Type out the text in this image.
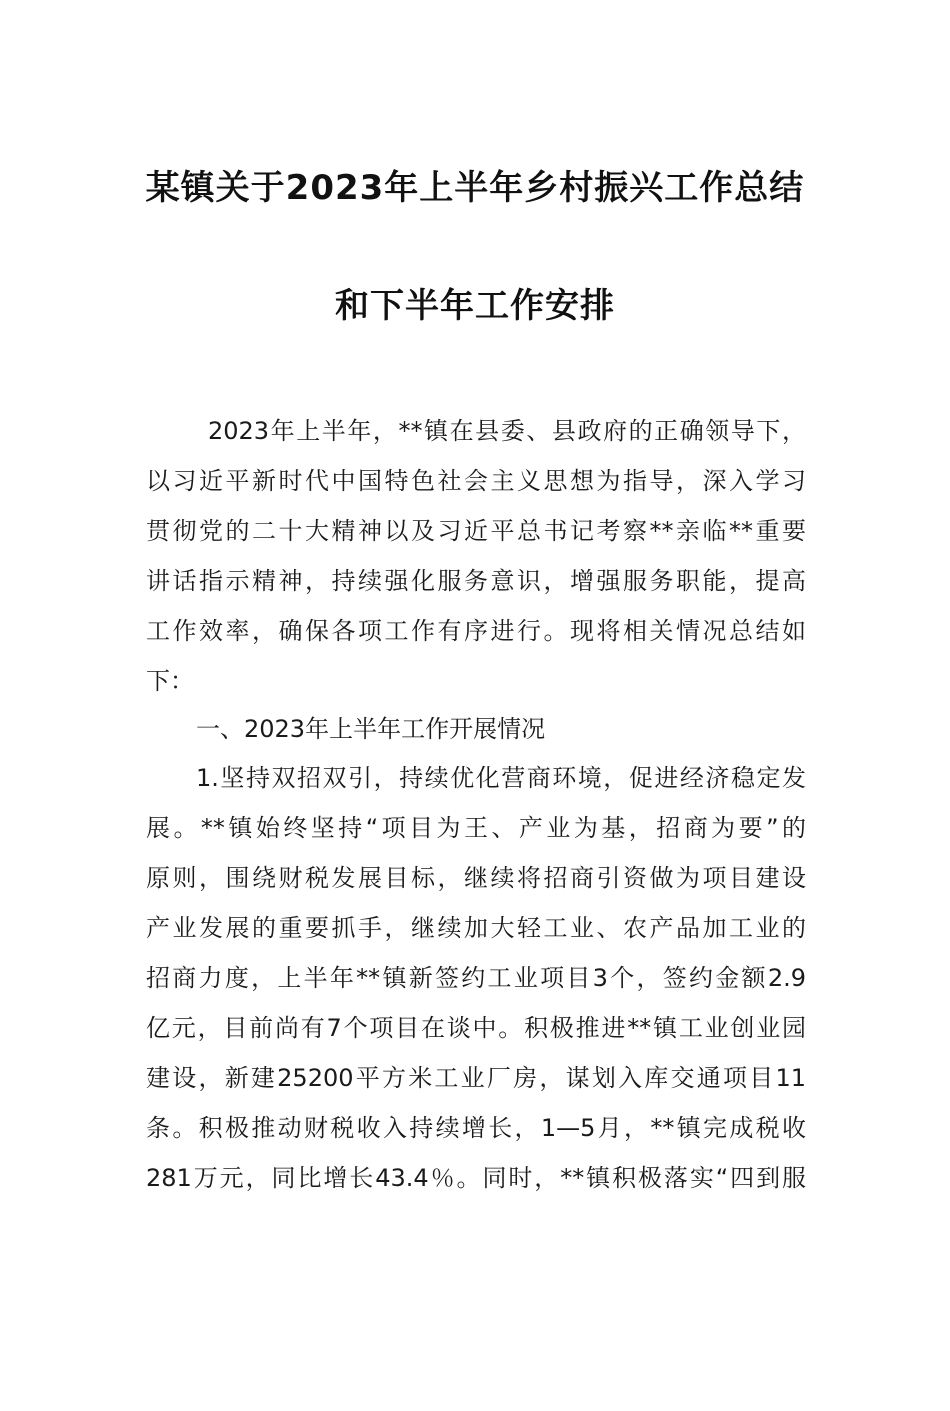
某镇关于2023年上半年乡村振兴工作总结
和下半年工作安排
2023年上半年，**镇在县委、县政府的正确领导下，
以习近平新时代中国特色社会主义思想为指导，深入学习
贯彻党的二十大精神以及习近平总书记考察**亲临**重要
讲话指示精神，持续强化服务意识，增强服务职能，提高
工作效率，确保各项工作有序进行。现将相关情况总结如
下：
一、2023年上半年工作开展情况
1.坚持双招双引，持续优化营商环境，促进经济稳定发
展。**镇始终坚持“项目为王、产业为基，招商为要”的
原则，围绕财税发展目标，继续将招商引资做为项目建设
产业发展的重要抓手，继续加大轻工业、农产品加工业的
招商力度，上半年**镇新签约工业项目3个，签约金额2.9
亿元，目前尚有7个项目在谈中。积极推进**镇工业创业园
建设，新建25200平方米工业厂房，谋划入库交通项目11
条。积极推动财税收入持续增长，1—5月，**镇完成税收
281万元，同比增长43.4％。同时，**镇积极落实“四到服
